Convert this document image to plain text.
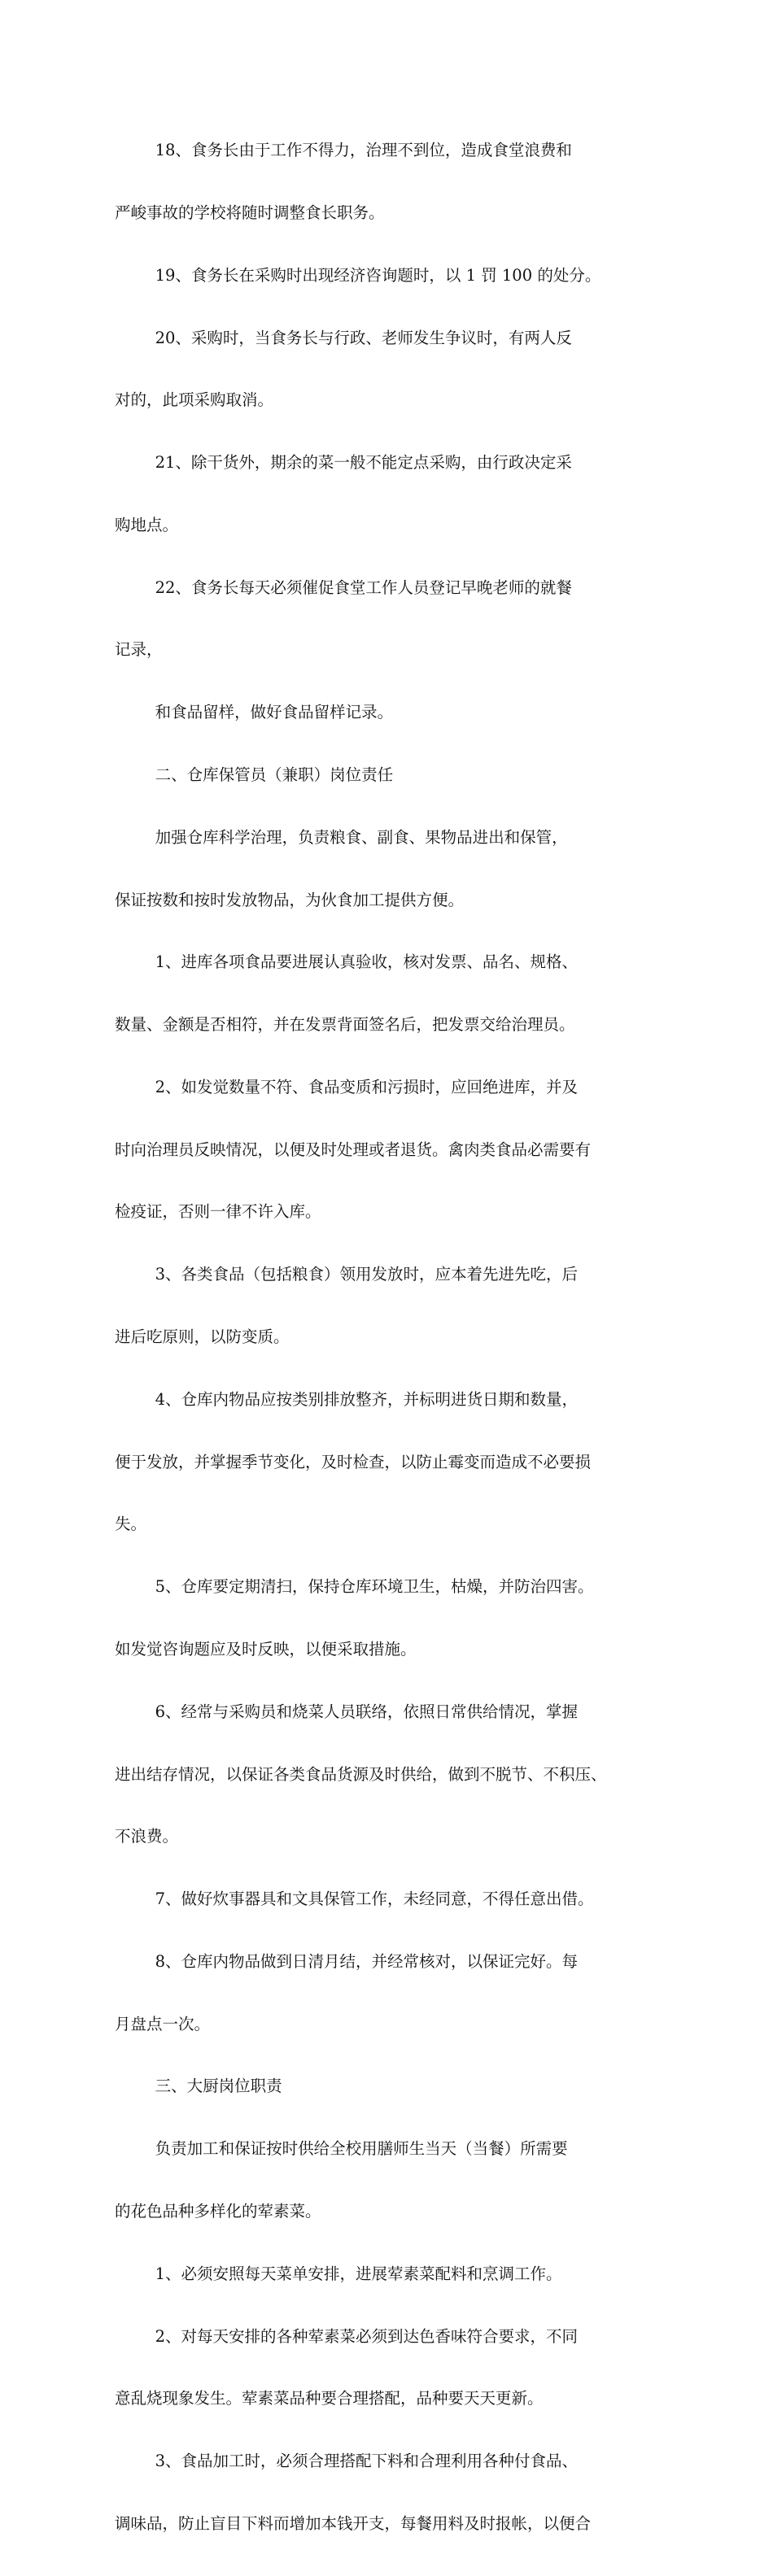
18、食务长由于工作不得力，治理不到位，造成食堂浪费和

严峻事故的学校将随时调整食长职务。

19、食务长在采购时出现经济咨询题时，以 1 罚 100 的处分。

20、采购时，当食务长与行政、老师发生争议时，有两人反

对的，此项采购取消。

21、除干货外，期余的菜一般不能定点采购，由行政决定采

购地点。

22、食务长每天必须催促食堂工作人员登记早晚老师的就餐

记录，

和食品留样，做好食品留样记录。

二、仓库保管员（兼职）岗位责任

加强仓库科学治理，负责粮食、副食、果物品进出和保管，

保证按数和按时发放物品，为伙食加工提供方便。

1、进库各项食品要进展认真验收，核对发票、品名、规格、

数量、金额是否相符，并在发票背面签名后，把发票交给治理员。

2、如发觉数量不符、食品变质和污损时，应回绝进库，并及

时向治理员反映情况，以便及时处理或者退货。禽肉类食品必需要有

检疫证，否则一律不许入库。

3、各类食品（包括粮食）领用发放时，应本着先进先吃，后

进后吃原则，以防变质。

4、仓库内物品应按类别排放整齐，并标明进货日期和数量，

便于发放，并掌握季节变化，及时检查，以防止霉变而造成不必要损

失。

5、仓库要定期清扫，保持仓库环境卫生，枯燥，并防治四害。

如发觉咨询题应及时反映，以便采取措施。

6、经常与采购员和烧菜人员联络，依照日常供给情况，掌握

进出结存情况，以保证各类食品货源及时供给，做到不脱节、不积压、

不浪费。

7、做好炊事器具和文具保管工作，未经同意，不得任意出借。

8、仓库内物品做到日清月结，并经常核对，以保证完好。每

月盘点一次。

三、大厨岗位职责

负责加工和保证按时供给全校用膳师生当天（当餐）所需要

的花色品种多样化的荤素菜。

1、必须安照每天菜单安排，进展荤素菜配料和烹调工作。

2、对每天安排的各种荤素菜必须到达色香味符合要求，不同

意乱烧现象发生。荤素菜品种要合理搭配，品种要天天更新。

3、食品加工时，必须合理搭配下料和合理利用各种付食品、

调味品，防止盲目下料而增加本钱开支，每餐用料及时报帐，以便合
